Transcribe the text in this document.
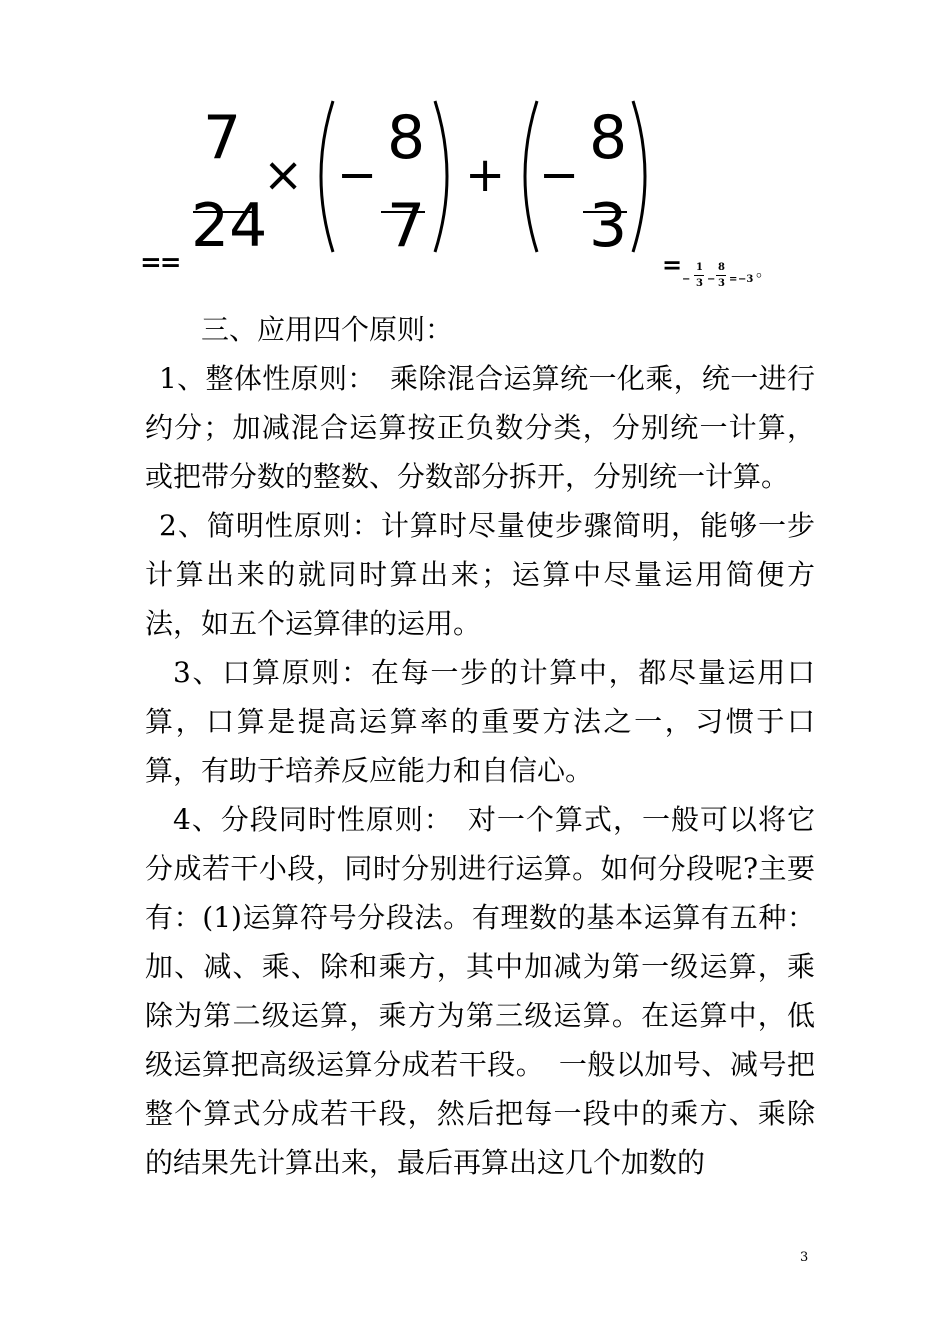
==
7
24
× −
8
7
+ −
8
3
=
−
1
3 −
8
3 = −3 。

三、应用四个原则：

1、整体性原则：　乘除混合运算统一化乘，统一进行约分；加减混合运算按正负数分类，分别统一计算，或把带分数的整数、分数部分拆开，分别统一计算。

2、简明性原则：计算时尽量使步骤简明，能够一步计算出来的就同时算出来；运算中尽量运用简便方法，如五个运算律的运用。

3、口算原则：在每一步的计算中，都尽量运用口算，口算是提高运算率的重要方法之一，习惯于口算，有助于培养反应能力和自信心。

4、分段同时性原则：　对一个算式，一般可以将它分成若干小段，同时分别进行运算。如何分段呢?主要有：(1)运算符号分段法。有理数的基本运算有五种：加、减、乘、除和乘方，其中加减为第一级运算，乘除为第二级运算，乘方为第三级运算。在运算中，低级运算把高级运算分成若干段。　一般以加号、减号把整个算式分成若干段，然后把每一段中的乘方、乘除的结果先计算出来，最后再算出这几个加数的

3
